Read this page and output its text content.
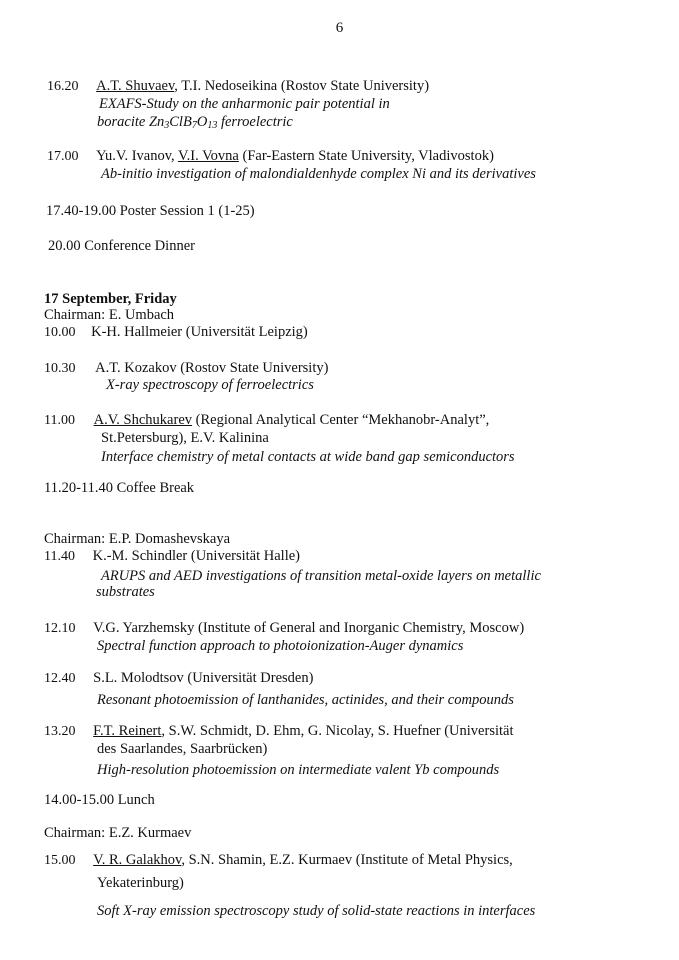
6
16.20 A.T. Shuvaev, T.I. Nedoseikina (Rostov State University)
EXAFS-Study on the anharmonic pair potential in
boracite $Zn_3ClB_7O_{13}$ ferroelectric
17.00 Yu.V. Ivanov, V.I. Vovna (Far-Eastern State University, Vladivostok)
Ab-initio investigation of malondialdenhyde complex Ni and its derivatives
17.40-19.00 Poster Session 1 (1-25)
20.00 Conference Dinner
17 September, Friday
Chairman: E. Umbach
10.00 K-H. Hallmeier (Universität Leipzig)
10.30 A.T. Kozakov (Rostov State University)
X-ray spectroscopy of ferroelectrics
11.00 A.V. Shchukarev (Regional Analytical Center “Mekhanobr-Analyt”,
St.Petersburg), E.V. Kalinina
Interface chemistry of metal contacts at wide band gap semiconductors
11.20-11.40 Coffee Break
Chairman: E.P. Domashevskaya
11.40 K.-M. Schindler (Universität Halle)
ARUPS and AED investigations of transition metal-oxide layers on metallic
substrates
12.10 V.G. Yarzhemsky (Institute of General and Inorganic Chemistry, Moscow)
Spectral function approach to photoionization-Auger dynamics
12.40 S.L. Molodtsov (Universität Dresden)
Resonant photoemission of lanthanides, actinides, and their compounds
13.20 F.T. Reinert, S.W. Schmidt, D. Ehm, G. Nicolay, S. Huefner (Universität
des Saarlandes, Saarbrücken)
High-resolution photoemission on intermediate valent Yb compounds
14.00-15.00 Lunch
Chairman: E.Z. Kurmaev
15.00 V. R. Galakhov, S.N. Shamin, E.Z. Kurmaev (Institute of Metal Physics,
Yekaterinburg)
Soft X-ray emission spectroscopy study of solid-state reactions in interfaces
